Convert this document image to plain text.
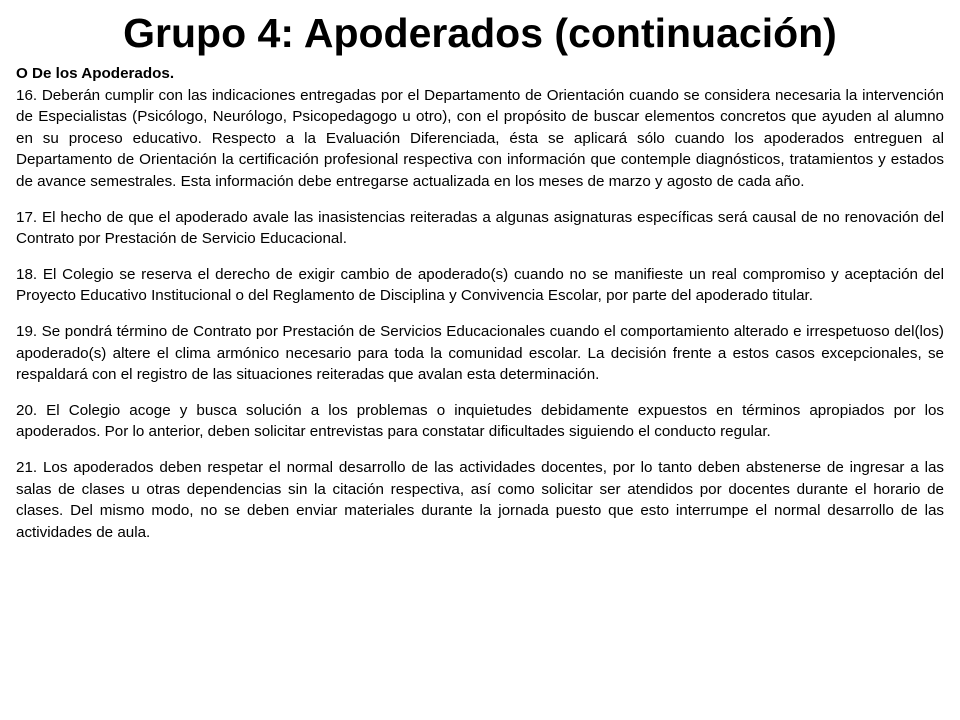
Grupo 4: Apoderados (continuación)

O De los Apoderados.

16. Deberán cumplir con las indicaciones entregadas por el Departamento de Orientación cuando se considera necesaria la intervención de Especialistas (Psicólogo, Neurólogo, Psicopedagogo u otro), con el propósito de buscar elementos concretos que ayuden al alumno en su proceso educativo. Respecto a la Evaluación Diferenciada, ésta se aplicará sólo cuando los apoderados entreguen al Departamento de Orientación la certificación profesional respectiva con información que contemple diagnósticos, tratamientos y estados de avance semestrales. Esta información debe entregarse actualizada en los meses de marzo y agosto de cada año.

17. El hecho de que el apoderado avale las inasistencias reiteradas a algunas asignaturas específicas será causal de no renovación del Contrato por Prestación de Servicio Educacional.

18. El Colegio se reserva el derecho de exigir cambio de apoderado(s) cuando no se manifieste un real compromiso y aceptación del Proyecto Educativo Institucional o del Reglamento de Disciplina y Convivencia Escolar, por parte del apoderado titular.

19. Se pondrá término de Contrato por Prestación de Servicios Educacionales cuando el comportamiento alterado e irrespetuoso del(los) apoderado(s) altere el clima armónico necesario para toda la comunidad escolar. La decisión frente a estos casos excepcionales, se respaldará con el registro de las situaciones reiteradas que avalan esta determinación.

20. El Colegio acoge y busca solución a los problemas o inquietudes debidamente expuestos en términos apropiados por los apoderados. Por lo anterior, deben solicitar entrevistas para constatar dificultades siguiendo el conducto regular.

21. Los apoderados deben respetar el normal desarrollo de las actividades docentes, por lo tanto deben abstenerse de ingresar a las salas de clases u otras dependencias sin la citación respectiva, así como solicitar ser atendidos por docentes durante el horario de clases. Del mismo modo, no se deben enviar materiales durante la jornada puesto que esto interrumpe el normal desarrollo de las actividades de aula.
